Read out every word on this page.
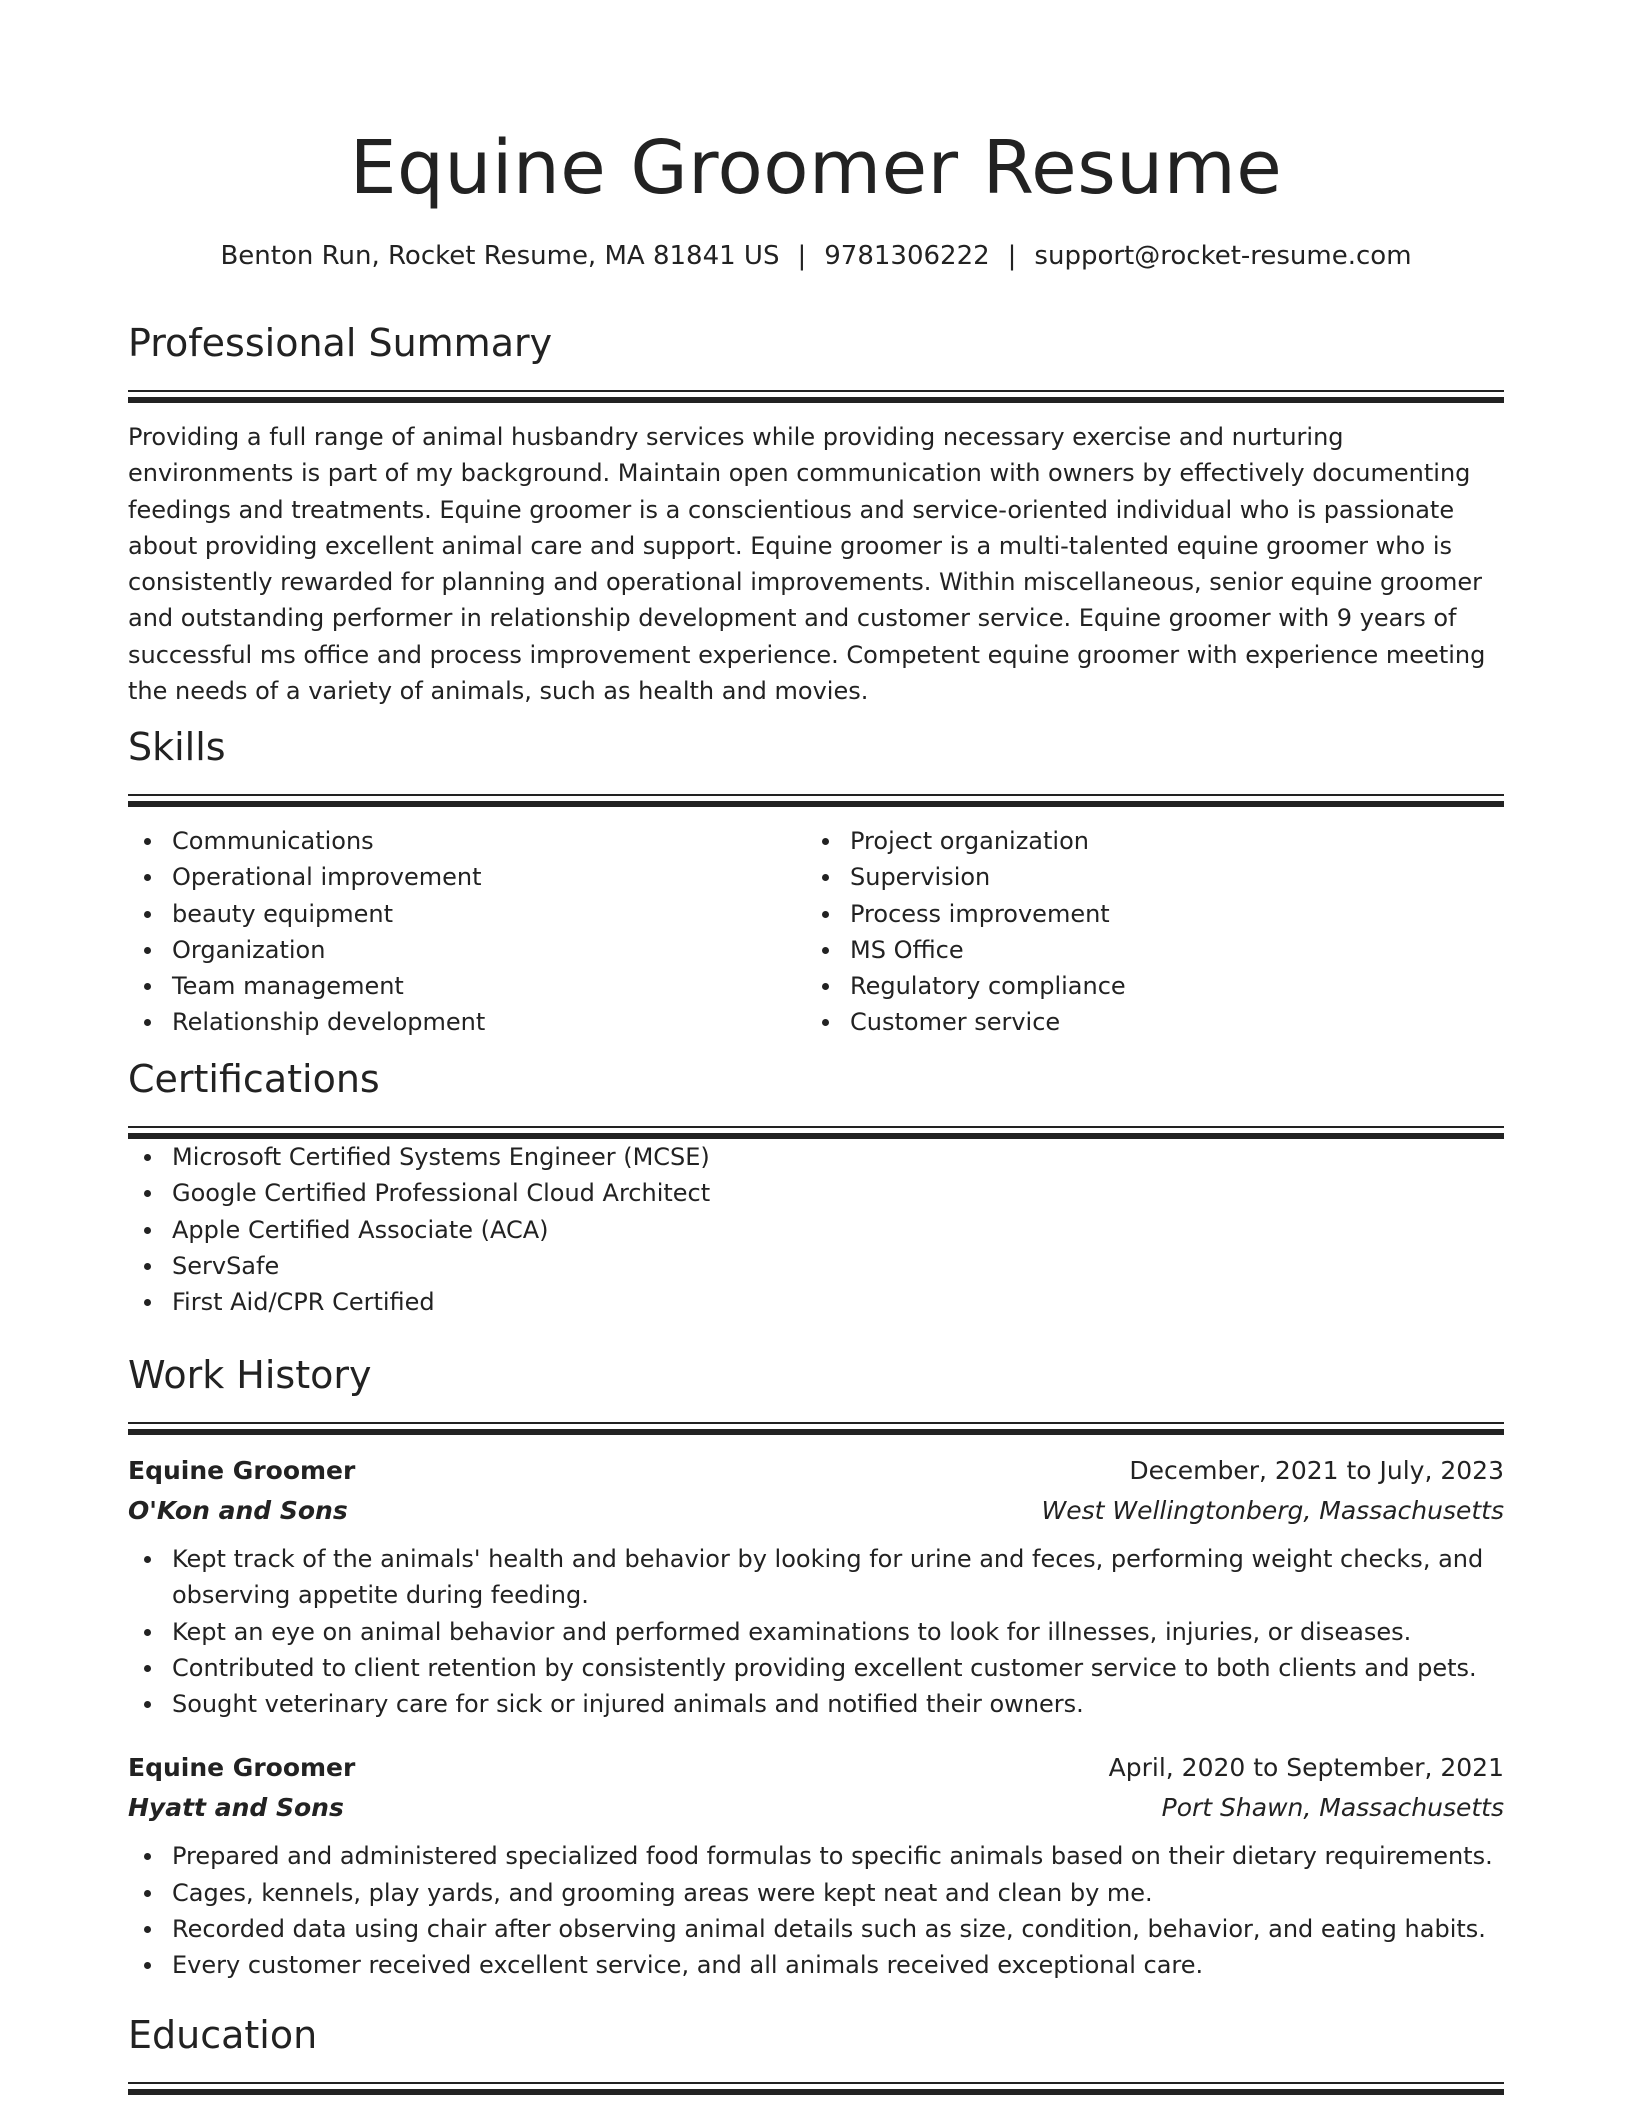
Equine Groomer Resume
Benton Run, Rocket Resume, MA 81841 US | 9781306222 | support@rocket-resume.com
Professional Summary

Providing a full range of animal husbandry services while providing necessary exercise and nurturing environments is part of my background. Maintain open communication with owners by effectively documenting feedings and treatments. Equine groomer is a conscientious and service-oriented individual who is passionate about providing excellent animal care and support. Equine groomer is a multi-talented equine groomer who is consistently rewarded for planning and operational improvements. Within miscellaneous, senior equine groomer and outstanding performer in relationship development and customer service. Equine groomer with 9 years of successful ms office and process improvement experience. Competent equine groomer with experience meeting the needs of a variety of animals, such as health and movies.

Skills
Communications
Operational improvement
beauty equipment
Organization
Team management
Relationship development
Project organization
Supervision
Process improvement
MS Office
Regulatory compliance
Customer service
Certifications
Microsoft Certified Systems Engineer (MCSE)
Google Certified Professional Cloud Architect
Apple Certified Associate (ACA)
ServSafe
First Aid/CPR Certified
Work History
Equine Groomer	December, 2021 to July, 2023
O'Kon and Sons	West Wellingtonberg, Massachusetts
Kept track of the animals' health and behavior by looking for urine and feces, performing weight checks, and observing appetite during feeding.
Kept an eye on animal behavior and performed examinations to look for illnesses, injuries, or diseases.
Contributed to client retention by consistently providing excellent customer service to both clients and pets.
Sought veterinary care for sick or injured animals and notified their owners.
Equine Groomer	April, 2020 to September, 2021
Hyatt and Sons	Port Shawn, Massachusetts
Prepared and administered specialized food formulas to specific animals based on their dietary requirements.
Cages, kennels, play yards, and grooming areas were kept neat and clean by me.
Recorded data using chair after observing animal details such as size, condition, behavior, and eating habits.
Every customer received excellent service, and all animals received exceptional care.
Education
